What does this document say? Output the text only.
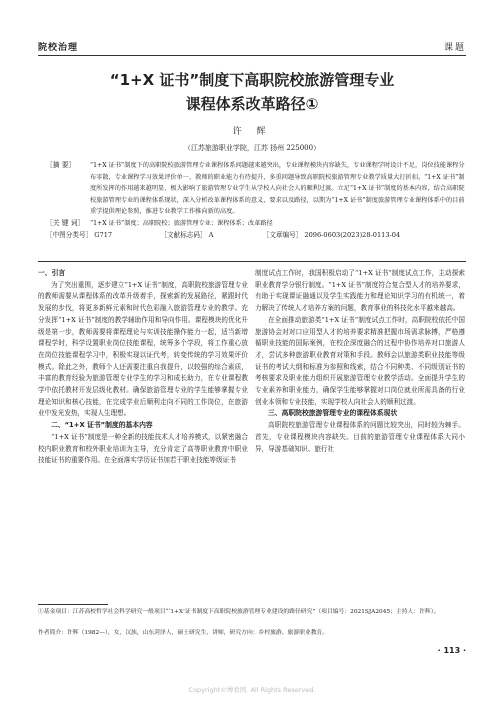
院校治理	课题
“1+X 证书”制度下高职院校旅游管理专业
课程体系改革路径①
许 辉
（江苏旅游职业学院，江苏 扬州 225000）
［摘 要］ “1+X 证书”制度下的高职院校旅游管理专业课程体系问题越来越突出，专业课程模块内容缺失，专业课程学时设计不足，岗位技能课程分布零散，专业课程学习效果评价单一，教师的职业能力有待提升，多重问题导致高职院校旅游管理专业教学质量大打折扣。“1+X 证书”制度所发挥的作用越来越明显，极大影响了旅游管理专业学生从学校人向社会人的顺利过渡。立足“1+X 证书”制度的基本内容，结合高职院校旅游管理专业的课程体系现状，深入分析改革课程体系的意义，要求以及路径，以期为“1+X 证书”制度旅游管理专业课程体系中的目前重学提供理论参照，推进专业教学工作推向新的高度。
［关 键 词］ “1+X 证书”制度；高职院校；旅游管理专业；课程体系；改革路径
［中图分类号］ G717	［文献标志码］ A	［文章编号］ 2096-0603(2023)28-0113-04
一、引言

为了突出重围，逐步建立“1+X 证书”制度，高职院校旅游管理专业的教师需要从课程体系的改革升级着手，探索新的发展路径，紧跟时代发展的步伐，将更多新鲜元素和时代色彩融入旅游管理专业的教学。充分发挥“1+X 证书”制度的教学辅助作用和导向作用。课程模块的优化升级是第一步，教师需要将课程理论与实训技能操作能力一起，适当新增课程学时，科学设置职业岗位技能课程，统筹多个学段，将工作重心放在岗位技能课程学习中，积极实现以证代考，转变传统的学习效果评价模式。除此之外，教师个人还需要注重自我提升，以较强的综合素质，丰富的教育经验为旅游管理专业学生的学习和成长助力，在专业课程教学中依托教材开发层级化教材。确保旅游管理专业的学生能够掌握专业理论知识和核心技能，在完成学业后顺利走向不同的工作岗位，在旅游业中发光发热，实现人生理想。

二、“1+X 证书”制度的基本内容

“1+X 证书”制度是一种全新的技能技术人才培养模式，以紧密融合校内职业教育和校外职业培训为主导，充分肯定了高等职业教育中职业技能证书的重要作用。在全面落实学历证书加若干职业技能等级证书

制度试点工作时，我国积极启动了“1+X 证书”制度试点工作，主动探索职业教育学分银行制度。“1+X 证书”制度符合复合型人才的培养要求，有助于实现课证融通以及学生实践能力和理论知识学习的有机统一，着力解决了传统人才培养方案的问题，教育事业的科技化水平越来越高。

在全面推动旅游类“1+X 证书”制度试点工作时，高职院校依托中国旅游协会对对口应用型人才的培养要求精准把握市场需求脉搏，严格遵循职业技能的国际案例，在校企深度融合的过程中协作培养对口旅游人才，尝试多种旅游职业教育对策和手段。教师会以旅游类职业技能等级证书的考试大纲和标准为参照和线索，结合不同种类、不同级别证书的考核要求及职业能力组织开展旅游管理专业教学活动。全面提升学生的专业素养和职业能力，确保学生能够掌握对口岗位就业所需具备的行业创业本领和专业技能，实现学校人向社会人的顺利过渡。

三、高职院校旅游管理专业的课程体系现状

高职院校旅游管理专业课程体系的问题比较突出，同时较为棘手。首先，专业课程模块内容缺失。目前的旅游管理专业课程体系大同小异，导游基础知识、旅行社

①基金项目：江苏高校哲学社会科学研究一般项目“‘1+X’证书制度下高职院校旅游管理专业建设的路径研究”（项目编号：2021SJA2045；主持人：许辉）。
作者简介：许辉（1982—），女，汉族，山东菏泽人，硕士研究生，讲师，研究方向：乡村旅游、旅游职业教育。
· 113 ·
Copyright©博看网. All Rights Reserved.
